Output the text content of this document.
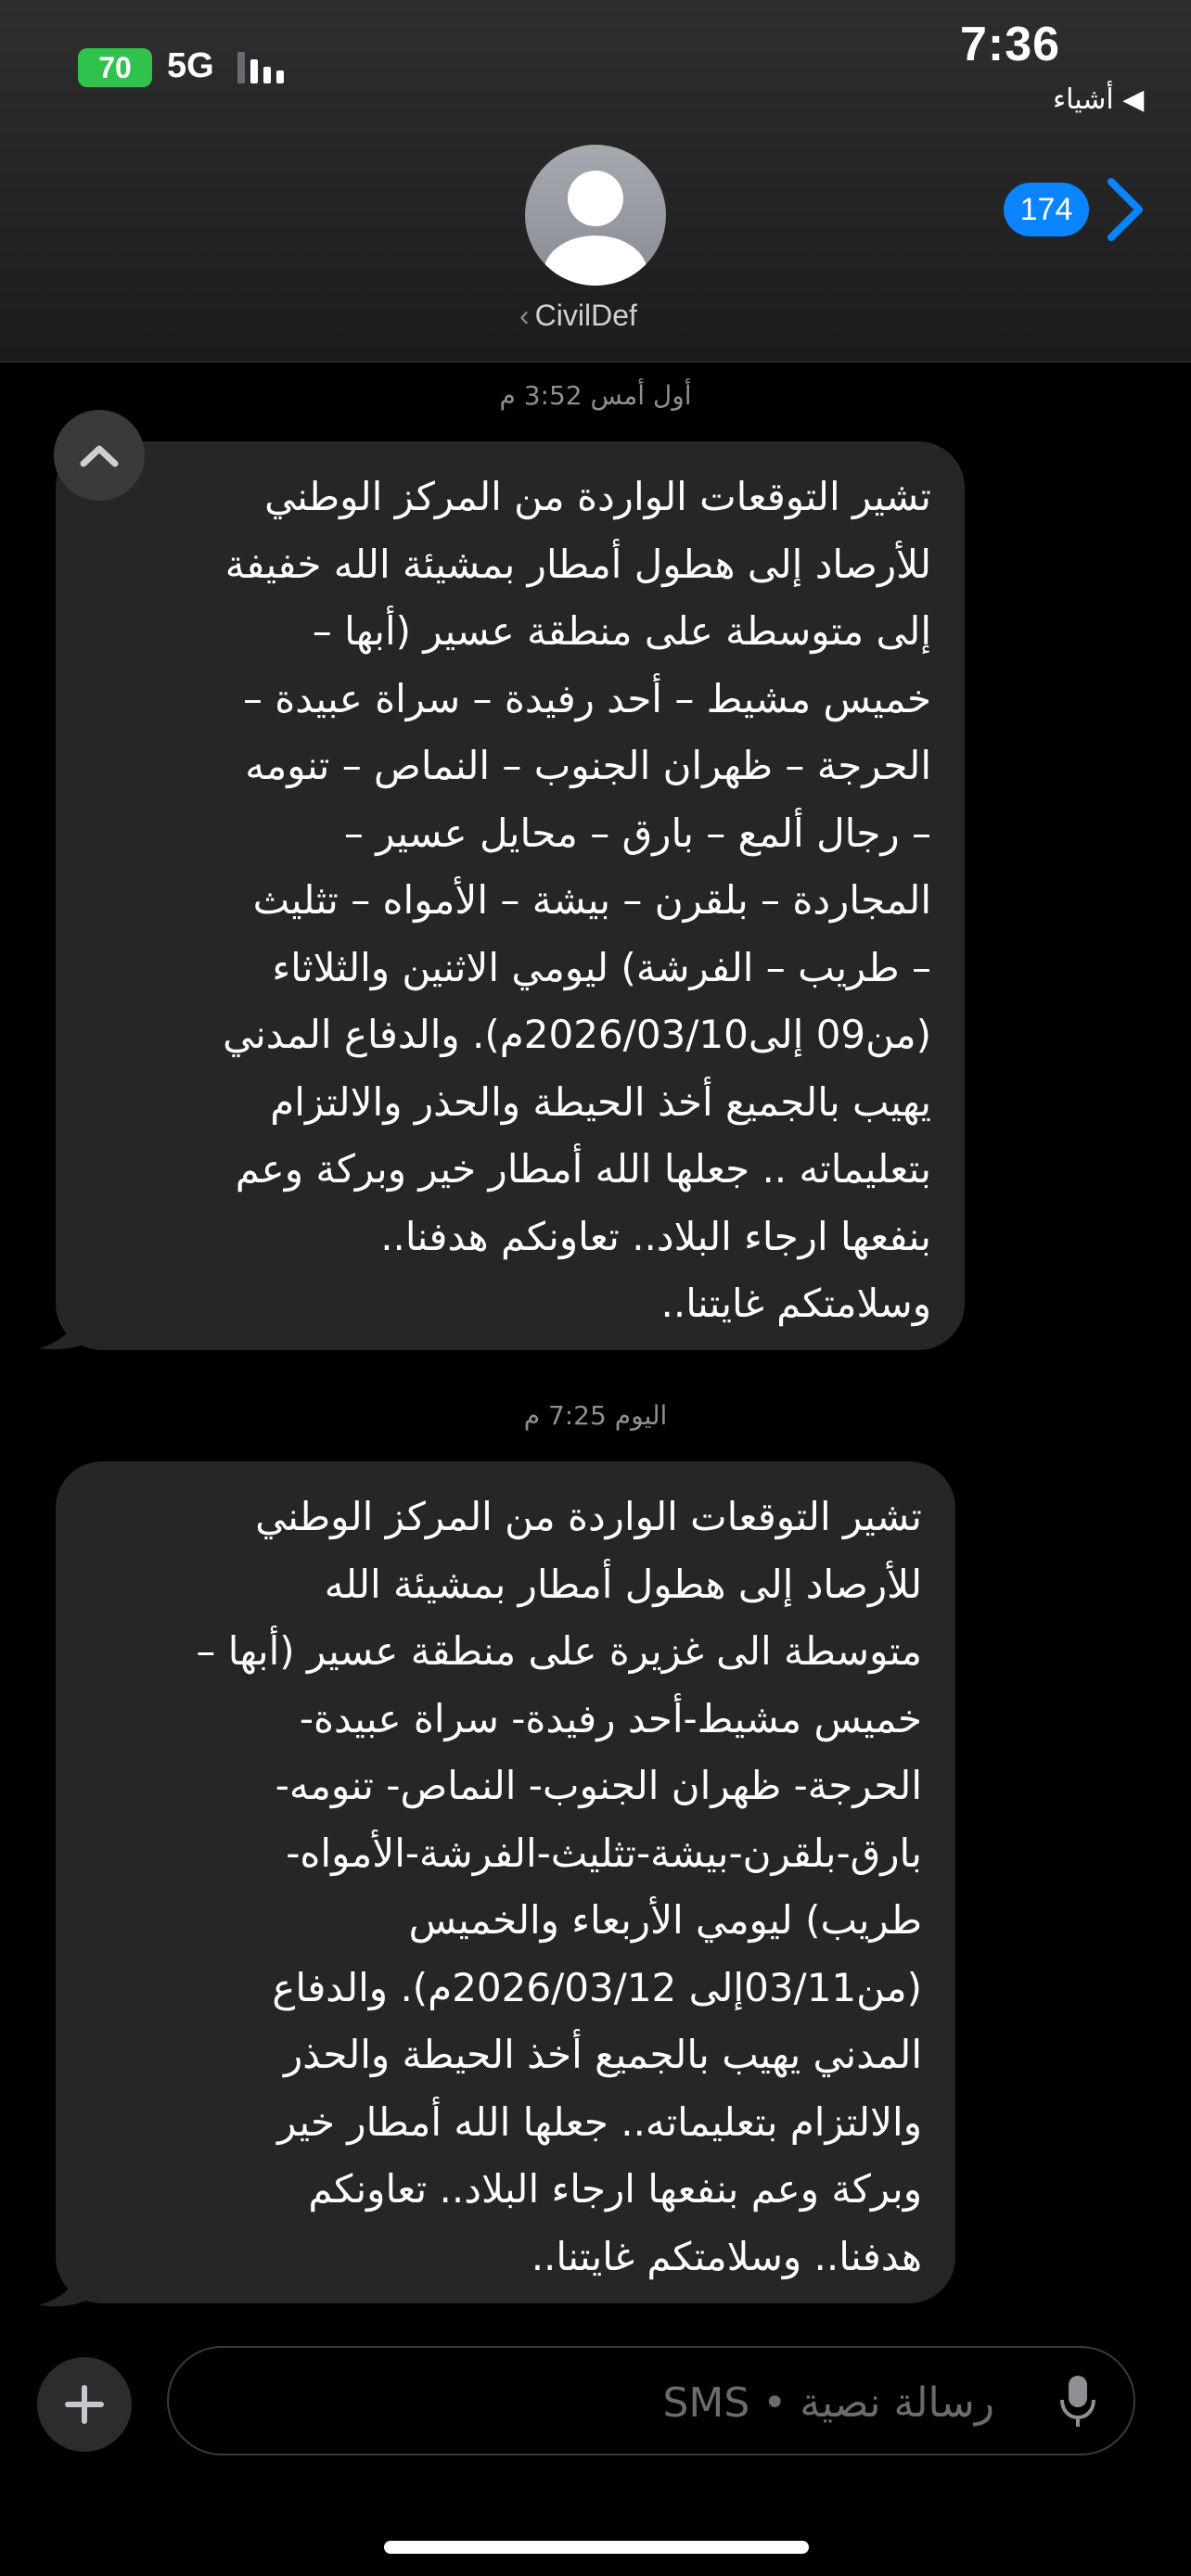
7:36
◀ أشياء
70	5G
‹ CivilDef
174
أول أمس 3:52 م
تشير التوقعات الواردة من المركز الوطني
للأرصاد إلى هطول أمطار بمشيئة الله خفيفة
إلى متوسطة على منطقة عسير (أبها –
خميس مشيط – أحد رفيدة – سراة عبيدة –
الحرجة – ظهران الجنوب – النماص – تنومه
– رجال ألمع – بارق – محايل عسير –
المجاردة – بلقرن – بيشة – الأمواه – تثليث
– طريب – الفرشة) ليومي الاثنين والثلاثاء
(من09 إلى2026/03/10م). والدفاع المدني
يهيب بالجميع أخذ الحيطة والحذر والالتزام
بتعليماته .. جعلها الله أمطار خير وبركة وعم
بنفعها ارجاء البلاد.. تعاونكم هدفنا..
وسلامتكم غايتنا..
اليوم 7:25 م
تشير التوقعات الواردة من المركز الوطني
للأرصاد إلى هطول أمطار بمشيئة الله
متوسطة الى غزيرة على منطقة عسير (أبها –
خميس مشيط-أحد رفيدة- سراة عبيدة-
الحرجة- ظهران الجنوب- النماص- تنومه-
بارق-بلقرن-بيشة-تثليث-الفرشة-الأمواه-
طريب) ليومي الأربعاء والخميس
(من03/11إلى 2026/03/12م). والدفاع
المدني يهيب بالجميع أخذ الحيطة والحذر
والالتزام بتعليماته.. جعلها الله أمطار خير
وبركة وعم بنفعها ارجاء البلاد.. تعاونكم
هدفنا.. وسلامتكم غايتنا..
رسالة نصية • SMS
